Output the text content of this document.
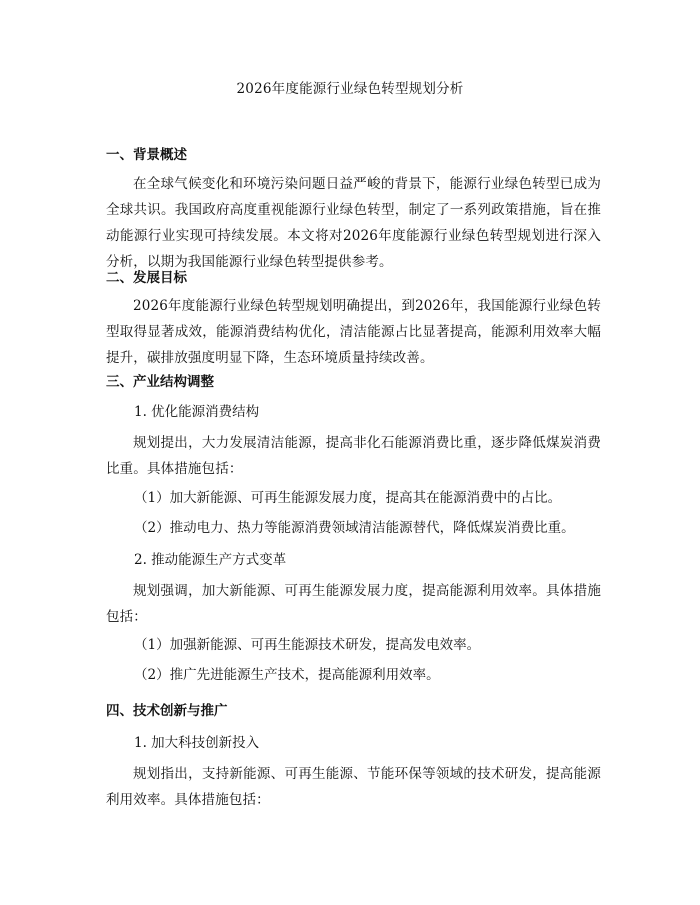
2026年度能源行业绿色转型规划分析
一、背景概述
在全球气候变化和环境污染问题日益严峻的背景下，能源行业绿色转型已成为全球共识。我国政府高度重视能源行业绿色转型，制定了一系列政策措施，旨在推动能源行业实现可持续发展。本文将对2026年度能源行业绿色转型规划进行深入分析，以期为我国能源行业绿色转型提供参考。
二、发展目标
2026年度能源行业绿色转型规划明确提出，到2026年，我国能源行业绿色转型取得显著成效，能源消费结构优化，清洁能源占比显著提高，能源利用效率大幅提升，碳排放强度明显下降，生态环境质量持续改善。
三、产业结构调整
1. 优化能源消费结构
规划提出，大力发展清洁能源，提高非化石能源消费比重，逐步降低煤炭消费比重。具体措施包括：
（1）加大新能源、可再生能源发展力度，提高其在能源消费中的占比。
（2）推动电力、热力等能源消费领域清洁能源替代，降低煤炭消费比重。
2. 推动能源生产方式变革
规划强调，加大新能源、可再生能源发展力度，提高能源利用效率。具体措施包括：
（1）加强新能源、可再生能源技术研发，提高发电效率。
（2）推广先进能源生产技术，提高能源利用效率。
四、技术创新与推广
1. 加大科技创新投入
规划指出，支持新能源、可再生能源、节能环保等领域的技术研发，提高能源利用效率。具体措施包括：
